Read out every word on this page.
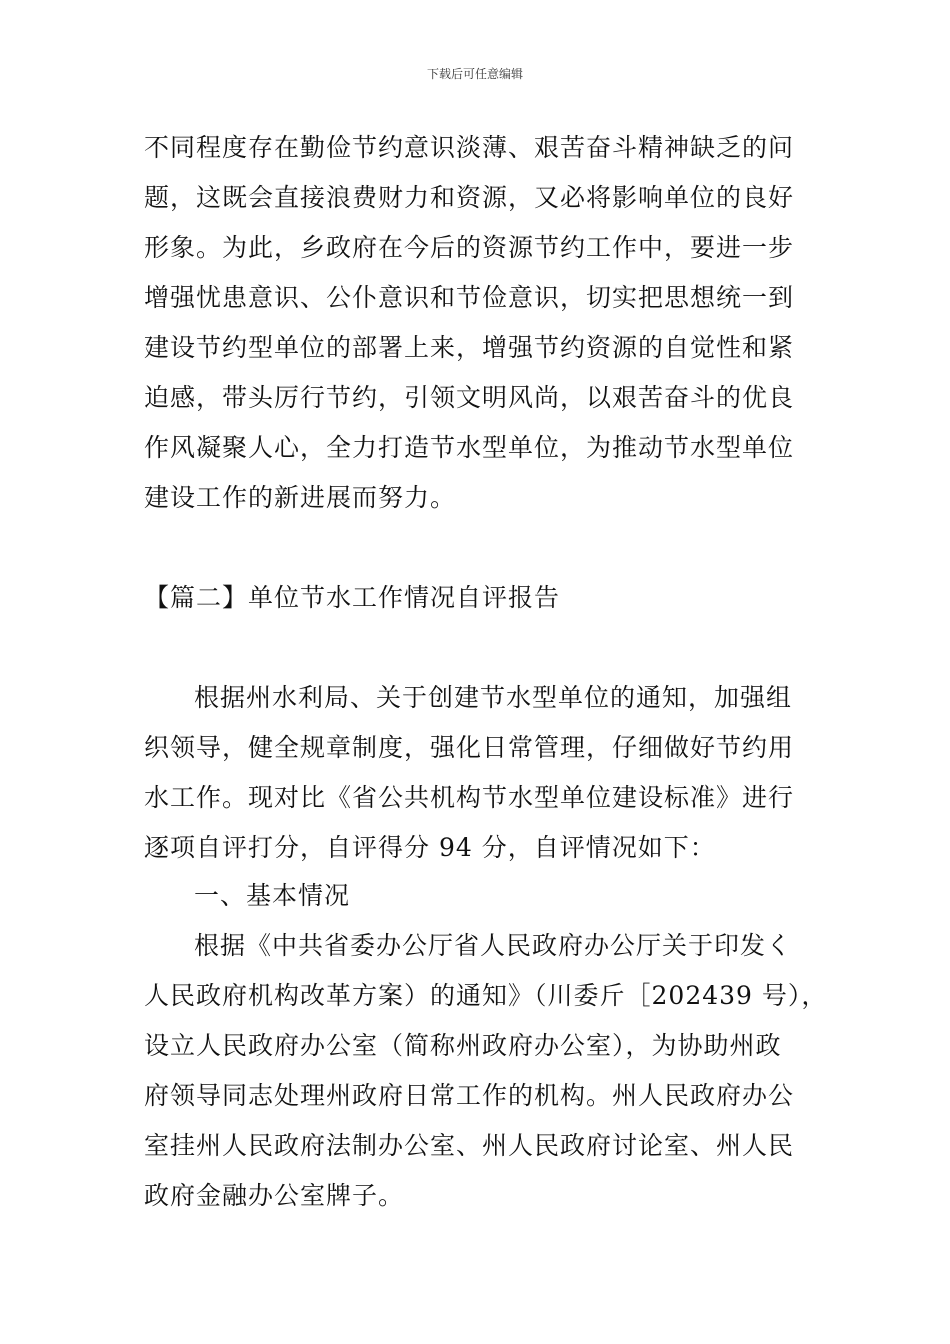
下载后可任意编辑
不同程度存在勤俭节约意识淡薄、艰苦奋斗精神缺乏的问
题，这既会直接浪费财力和资源，又必将影响单位的良好
形象。为此，乡政府在今后的资源节约工作中，要进一步
增强忧患意识、公仆意识和节俭意识，切实把思想统一到
建设节约型单位的部署上来，增强节约资源的自觉性和紧
迫感，带头厉行节约，引领文明风尚，以艰苦奋斗的优良
作风凝聚人心，全力打造节水型单位，为推动节水型单位
建设工作的新进展而努力。
【篇二】单位节水工作情况自评报告
根据州水利局、关于创建节水型单位的通知，加强组
织领导，健全规章制度，强化日常管理，仔细做好节约用
水工作。现对比《省公共机构节水型单位建设标准》进行
逐项自评打分，自评得分 94 分，自评情况如下：
一、基本情况
根据《中共省委办公厅省人民政府办公厅关于印发く
人民政府机构改革方案）的通知》（川委斤［202439 号），
设立人民政府办公室（简称州政府办公室），为协助州政
府领导同志处理州政府日常工作的机构。州人民政府办公
室挂州人民政府法制办公室、州人民政府讨论室、州人民
政府金融办公室牌子。
